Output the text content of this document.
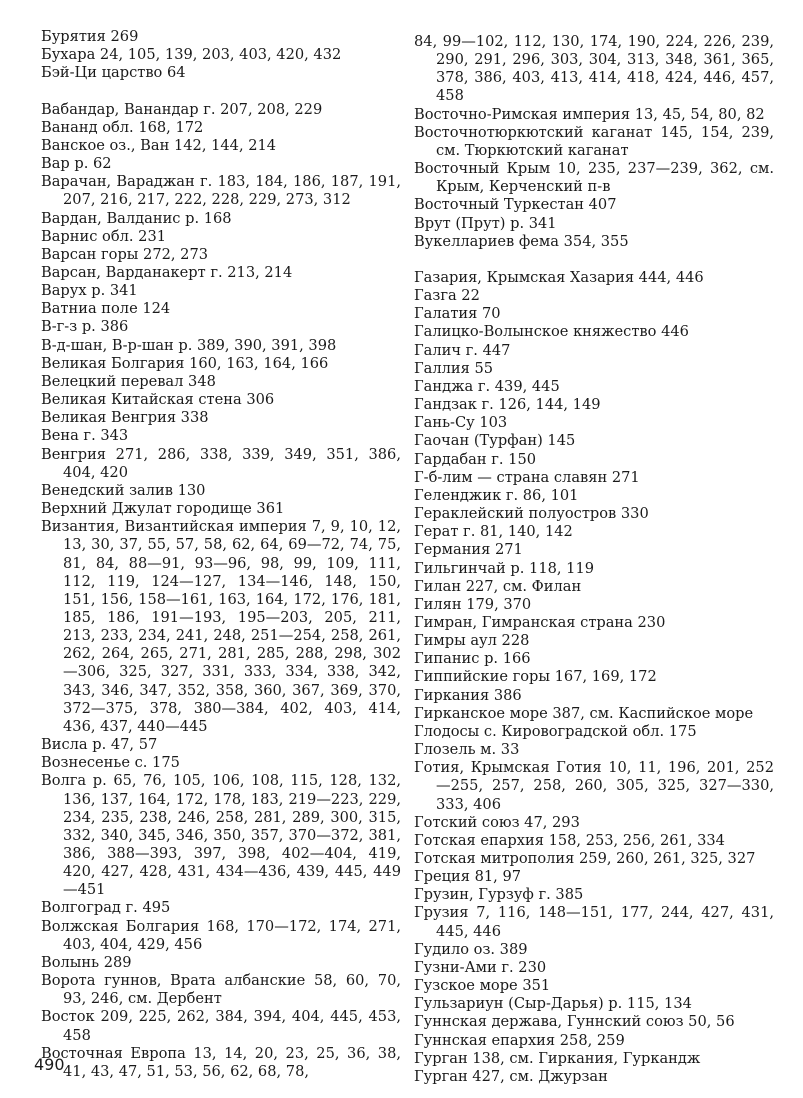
Бурятия 269
Бухара 24, 105, 139, 203, 403, 420, 432
Бэй-Ци царство 64
Вабандар, Ванандар г. 207, 208, 229
Вананд обл. 168, 172
Ванское оз., Ван 142, 144, 214
Вар р. 62
Варачан, Вараджан г. 183, 184, 186, 187, 191, 207, 216, 217, 222, 228, 229, 273, 312
Вардан, Валданис р. 168
Варнис обл. 231
Варсан горы 272, 273
Варсан, Варданакерт г. 213, 214
Варух р. 341
Ватниа поле 124
В-г-з р. 386
В-д-шан, В-р-шан р. 389, 390, 391, 398
Великая Болгария 160, 163, 164, 166
Велецкий перевал 348
Великая Китайская стена 306
Великая Венгрия 338
Вена г. 343
Венгрия 271, 286, 338, 339, 349, 351, 386, 404, 420
Венедский залив 130
Верхний Джулат городище 361
Византия, Византийская империя 7, 9, 10, 12, 13, 30, 37, 55, 57, 58, 62, 64, 69—72, 74, 75, 81, 84, 88—91, 93—96, 98, 99, 109, 111, 112, 119, 124—127, 134—146, 148, 150, 151, 156, 158—161, 163, 164, 172, 176, 181, 185, 186, 191—193, 195—203, 205, 211, 213, 233, 234, 241, 248, 251—254, 258, 261, 262, 264, 265, 271, 281, 285, 288, 298, 302—306, 325, 327, 331, 333, 334, 338, 342, 343, 346, 347, 352, 358, 360, 367, 369, 370, 372—375, 378, 380—384, 402, 403, 414, 436, 437, 440—445
Висла р. 47, 57
Вознесенье с. 175
Волга р. 65, 76, 105, 106, 108, 115, 128, 132, 136, 137, 164, 172, 178, 183, 219—223, 229, 234, 235, 238, 246, 258, 281, 289, 300, 315, 332, 340, 345, 346, 350, 357, 370—372, 381, 386, 388—393, 397, 398, 402—404, 419, 420, 427, 428, 431, 434—436, 439, 445, 449—451
Волгоград г. 495
Волжская Болгария 168, 170—172, 174, 271, 403, 404, 429, 456
Волынь 289
Ворота гуннов, Врата албанские 58, 60, 70, 93, 246, см. Дербент
Восток 209, 225, 262, 384, 394, 404, 445, 453, 458
Восточная Европа 13, 14, 20, 23, 25, 36, 38, 41, 43, 47, 51, 53, 56, 62, 68, 78,
84, 99—102, 112, 130, 174, 190, 224, 226, 239, 290, 291, 296, 303, 304, 313, 348, 361, 365, 378, 386, 403, 413, 414, 418, 424, 446, 457, 458
Восточно-Римская империя 13, 45, 54, 80, 82
Восточнотюркютский каганат 145, 154, 239, см. Тюркютский каганат
Восточный Крым 10, 235, 237—239, 362, см. Крым, Керченский п-в
Восточный Туркестан 407
Врут (Прут) р. 341
Вукеллариев фема 354, 355
Газария, Крымская Хазария 444, 446
Газга 22
Галатия 70
Галицко-Волынское княжество 446
Галич г. 447
Галлия 55
Ганджа г. 439, 445
Гандзак г. 126, 144, 149
Гань-Су 103
Гаочан (Турфан) 145
Гардабан г. 150
Г-б-лим — страна славян 271
Геленджик г. 86, 101
Гераклейский полуостров 330
Герат г. 81, 140, 142
Германия 271
Гильгинчай р. 118, 119
Гилан 227, см. Филан
Гилян 179, 370
Гимран, Гимранская страна 230
Гимры аул 228
Гипанис р. 166
Гиппийские горы 167, 169, 172
Гиркания 386
Гирканское море 387, см. Каспийское море
Глодосы с. Кировоградской обл. 175
Глозель м. 33
Готия, Крымская Готия 10, 11, 196, 201, 252—255, 257, 258, 260, 305, 325, 327—330, 333, 406
Готский союз 47, 293
Готская епархия 158, 253, 256, 261, 334
Готская митрополия 259, 260, 261, 325, 327
Греция 81, 97
Грузин, Гурзуф г. 385
Грузия 7, 116, 148—151, 177, 244, 427, 431, 445, 446
Гудило оз. 389
Гузни-Ами г. 230
Гузское море 351
Гульзариун (Сыр-Дарья) р. 115, 134
Гуннская держава, Гуннский союз 50, 56
Гуннская епархия 258, 259
Гурган 138, см. Гиркания, Гуркандж
Гурган 427, см. Джурзан
490
